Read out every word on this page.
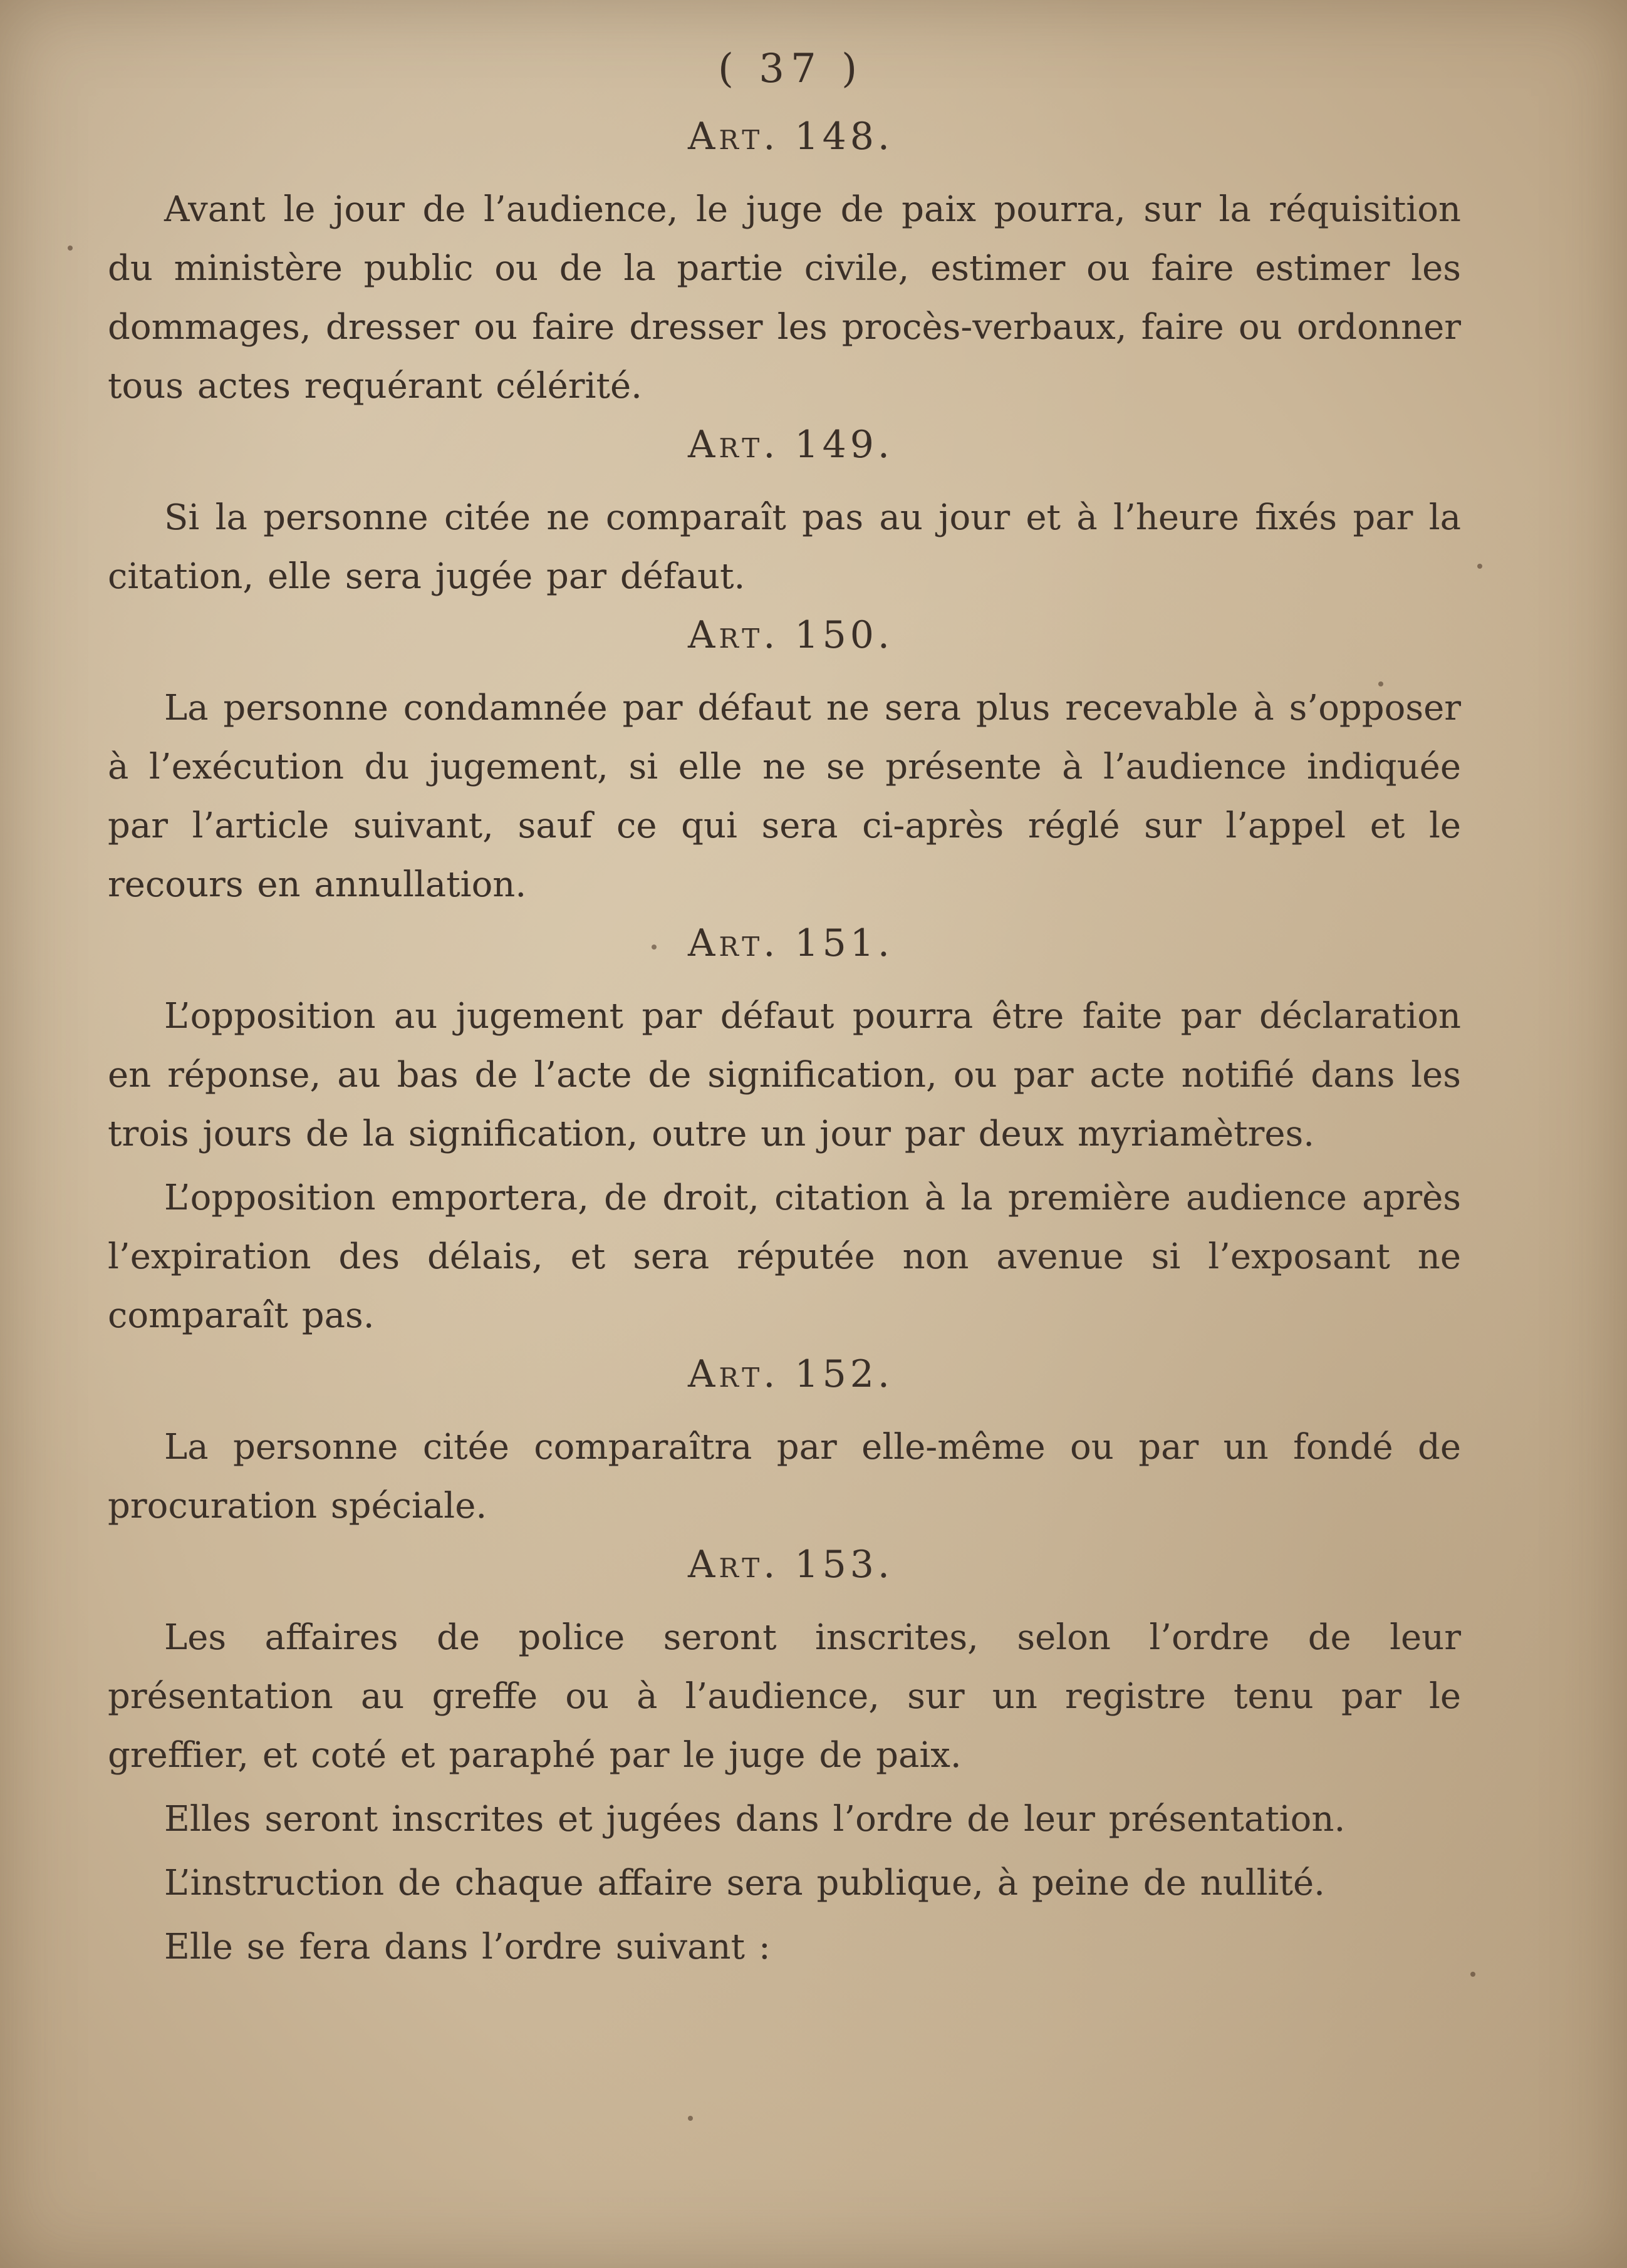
( 37 )
Art. 148.

Avant le jour de l’audience, le juge de paix pourra, sur la réquisition du ministère public ou de la partie civile, estimer ou faire estimer les dommages, dresser ou faire dresser les procès-verbaux, faire ou ordonner tous actes requérant célérité.

Art. 149.

Si la personne citée ne comparaît pas au jour et à l’heure fixés par la citation, elle sera jugée par défaut.

Art. 150.

La personne condamnée par défaut ne sera plus recevable à s’opposer à l’exécution du jugement, si elle ne se présente à l’audience indiquée par l’article suivant, sauf ce qui sera ci-après réglé sur l’appel et le recours en annullation.

Art. 151.

L’opposition au jugement par défaut pourra être faite par déclaration en réponse, au bas de l’acte de signification, ou par acte notifié dans les trois jours de la signification, outre un jour par deux myriamètres.

L’opposition emportera, de droit, citation à la première audience après l’expiration des délais, et sera réputée non avenue si l’exposant ne comparaît pas.

Art. 152.

La personne citée comparaîtra par elle-même ou par un fondé de procuration spéciale.

Art. 153.

Les affaires de police seront inscrites, selon l’ordre de leur présentation au greffe ou à l’audience, sur un registre tenu par le greffier, et coté et paraphé par le juge de paix.

Elles seront inscrites et jugées dans l’ordre de leur présentation.

L’instruction de chaque affaire sera publique, à peine de nullité.

Elle se fera dans l’ordre suivant :
